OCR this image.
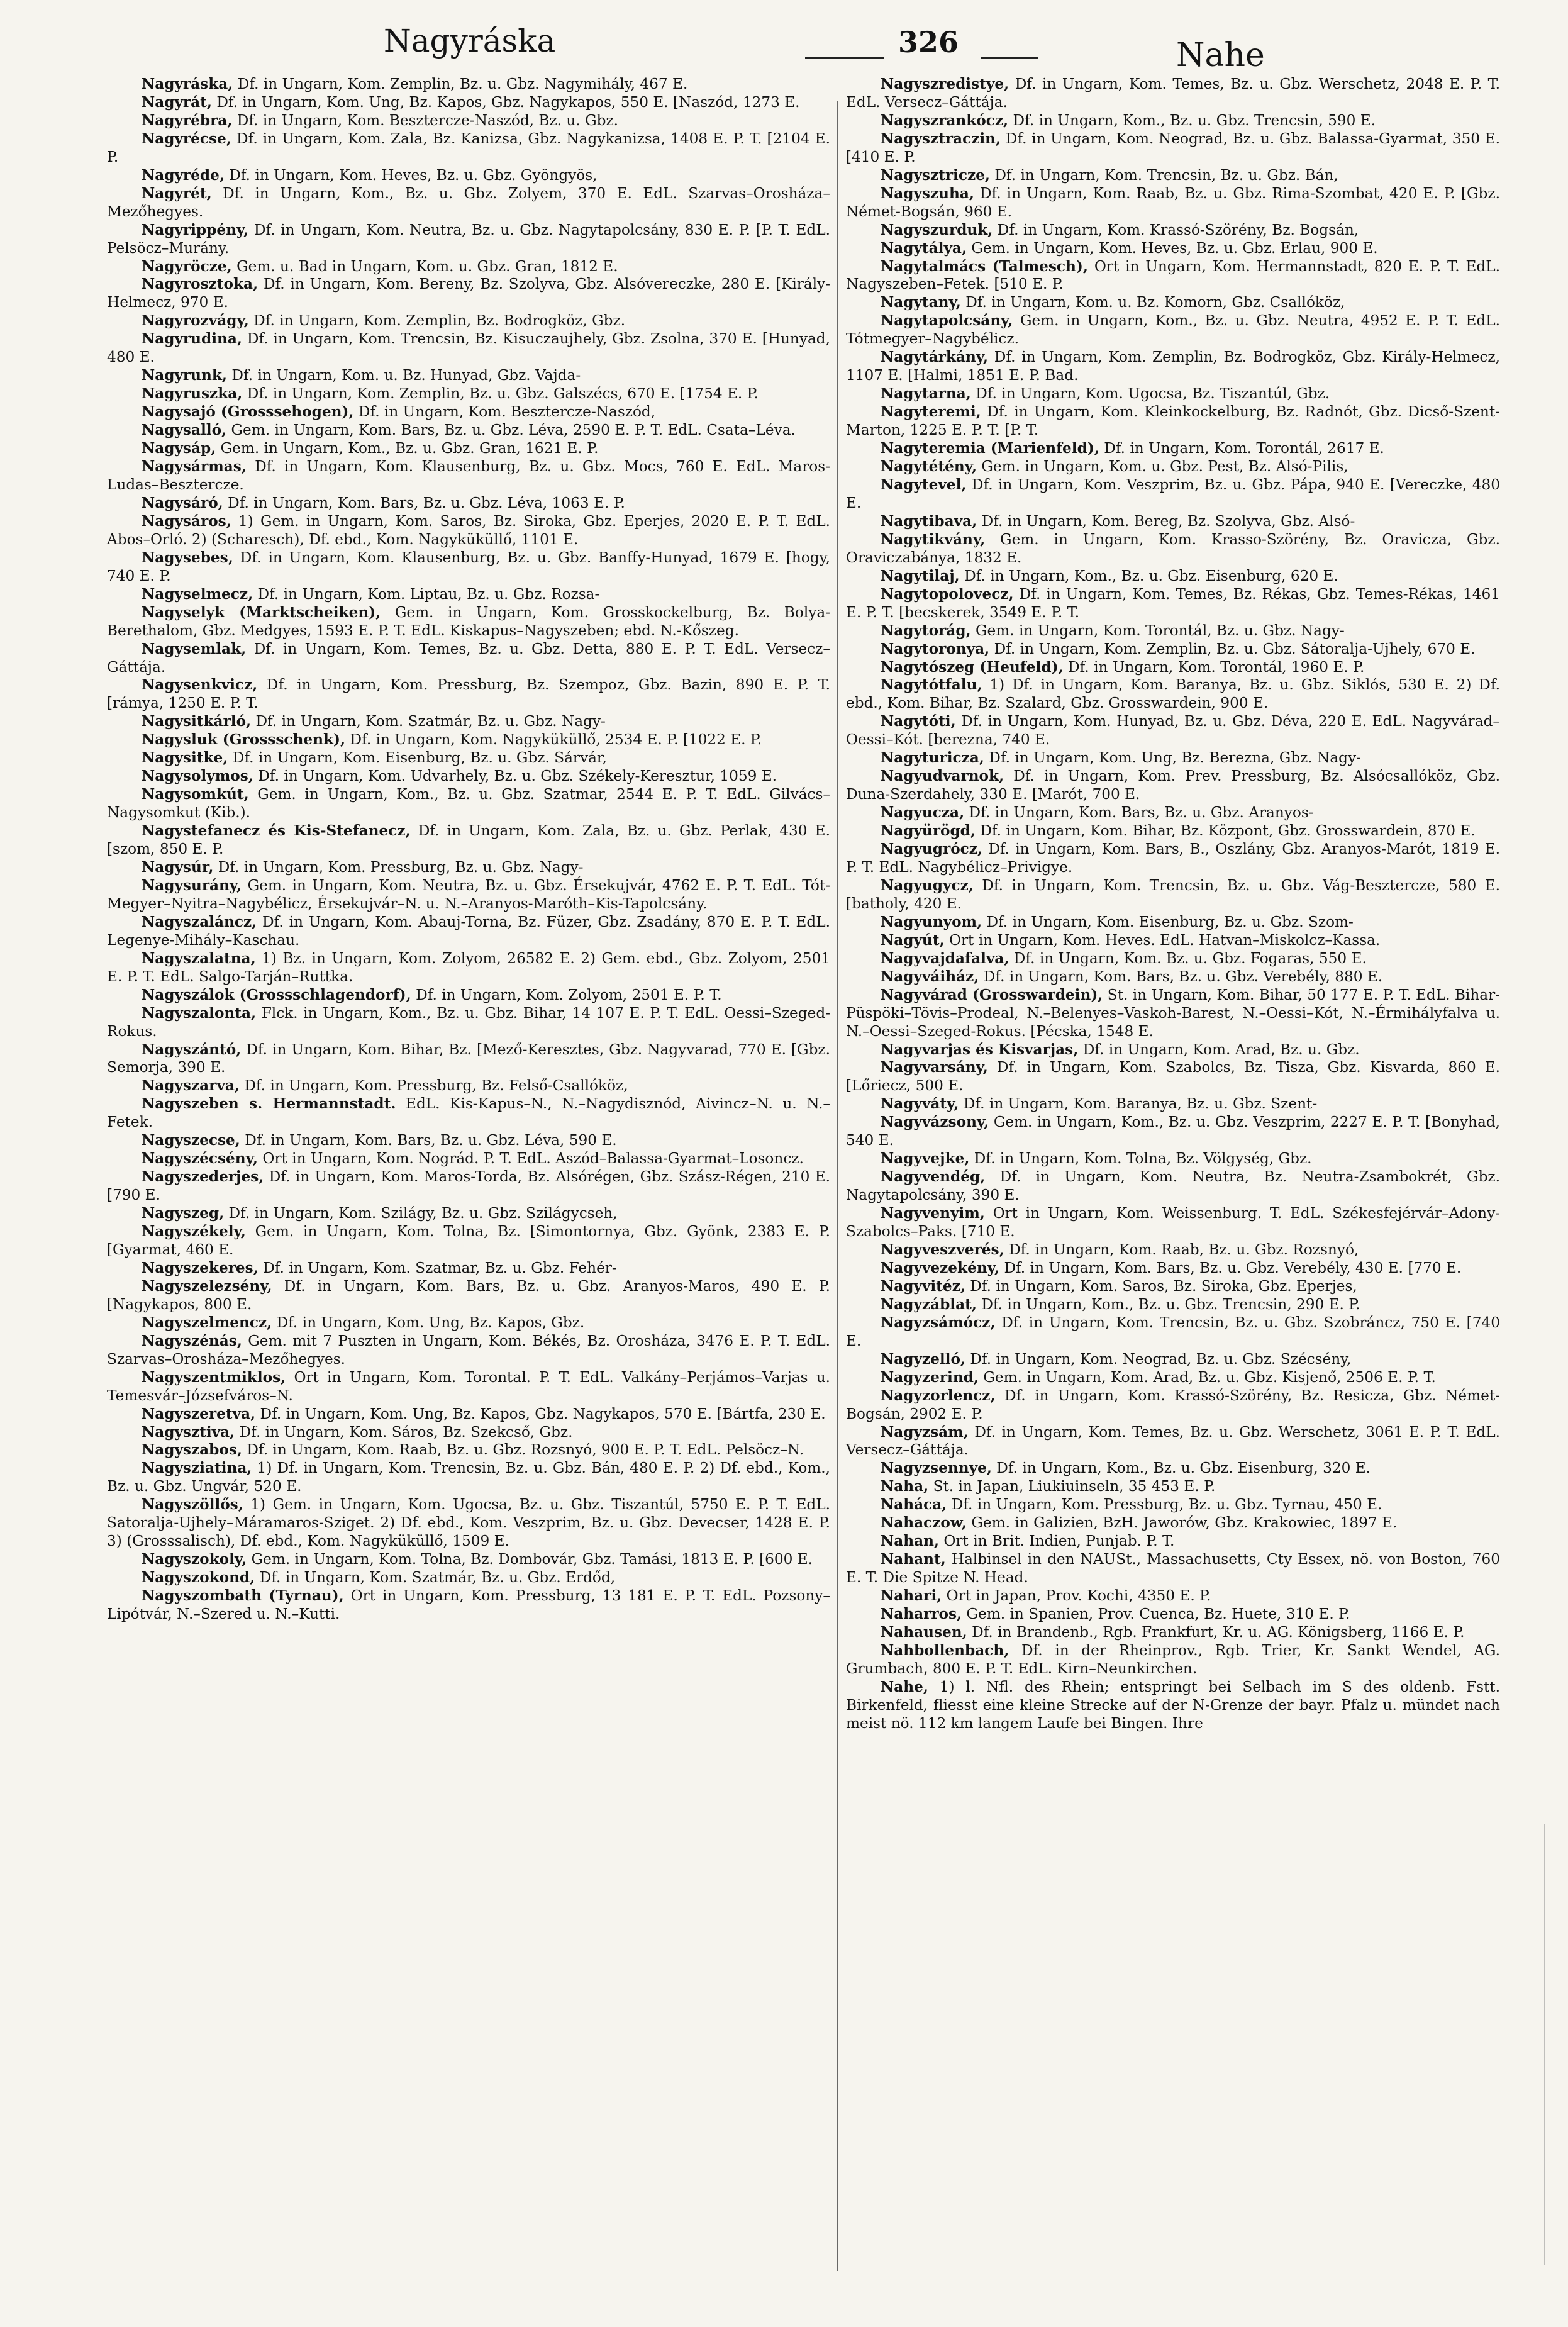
Nagyráska	326	Nahe

Nagyráska, Df. in Ungarn, Kom. Zemplin, Bz. u. Gbz. Nagymihály, 467 E.

Nagyrát, Df. in Ungarn, Kom. Ung, Bz. Kapos, Gbz. Nagykapos, 550 E. [Naszód, 1273 E.

Nagyrébra, Df. in Ungarn, Kom. Besztercze-Naszód, Bz. u. Gbz.

Nagyrécse, Df. in Ungarn, Kom. Zala, Bz. Kanizsa, Gbz. Nagykanizsa, 1408 E. P. T. [2104 E. P.

Nagyréde, Df. in Ungarn, Kom. Heves, Bz. u. Gbz. Gyöngyös,

Nagyrét, Df. in Ungarn, Kom., Bz. u. Gbz. Zolyem, 370 E. EdL. Szarvas–Orosháza–Mezőhegyes.

Nagyrippény, Df. in Ungarn, Kom. Neutra, Bz. u. Gbz. Nagytapolcsány, 830 E. P. [P. T. EdL. Pelsöcz–Murány.

Nagyröcze, Gem. u. Bad in Ungarn, Kom. u. Gbz. Gran, 1812 E.

Nagyrosztoka, Df. in Ungarn, Kom. Bereny, Bz. Szolyva, Gbz. Alsóvereczke, 280 E. [Király-Helmecz, 970 E.

Nagyrozvágy, Df. in Ungarn, Kom. Zemplin, Bz. Bodrogköz, Gbz.

Nagyrudina, Df. in Ungarn, Kom. Trencsin, Bz. Kisuczaujhely, Gbz. Zsolna, 370 E. [Hunyad, 480 E.

Nagyrunk, Df. in Ungarn, Kom. u. Bz. Hunyad, Gbz. Vajda-

Nagyruszka, Df. in Ungarn, Kom. Zemplin, Bz. u. Gbz. Galszécs, 670 E. [1754 E. P.

Nagysajó (Grosssehogen), Df. in Ungarn, Kom. Besztercze-Naszód,

Nagysalló, Gem. in Ungarn, Kom. Bars, Bz. u. Gbz. Léva, 2590 E. P. T. EdL. Csata–Léva.

Nagysáp, Gem. in Ungarn, Kom., Bz. u. Gbz. Gran, 1621 E. P.

Nagysármas, Df. in Ungarn, Kom. Klausenburg, Bz. u. Gbz. Mocs, 760 E. EdL. Maros-Ludas–Besztercze.

Nagysáró, Df. in Ungarn, Kom. Bars, Bz. u. Gbz. Léva, 1063 E. P.

Nagysáros, 1) Gem. in Ungarn, Kom. Saros, Bz. Siroka, Gbz. Eperjes, 2020 E. P. T. EdL. Abos–Orló. 2) (Scharesch), Df. ebd., Kom. Nagyküküllő, 1101 E.

Nagysebes, Df. in Ungarn, Kom. Klausenburg, Bz. u. Gbz. Banffy-Hunyad, 1679 E. [hogy, 740 E. P.

Nagyselmecz, Df. in Ungarn, Kom. Liptau, Bz. u. Gbz. Rozsa-

Nagyselyk (Marktscheiken), Gem. in Ungarn, Kom. Grosskockelburg, Bz. Bolya-Berethalom, Gbz. Medgyes, 1593 E. P. T. EdL. Kiskapus–Nagyszeben; ebd. N.-Kőszeg.

Nagysemlak, Df. in Ungarn, Kom. Temes, Bz. u. Gbz. Detta, 880 E. P. T. EdL. Versecz–Gáttája.

Nagysenkvicz, Df. in Ungarn, Kom. Pressburg, Bz. Szempoz, Gbz. Bazin, 890 E. P. T. [rámya, 1250 E. P. T.

Nagysitkárló, Df. in Ungarn, Kom. Szatmár, Bz. u. Gbz. Nagy-

Nagysluk (Grossschenk), Df. in Ungarn, Kom. Nagyküküllő, 2534 E. P. [1022 E. P.

Nagysitke, Df. in Ungarn, Kom. Eisenburg, Bz. u. Gbz. Sárvár,

Nagysolymos, Df. in Ungarn, Kom. Udvarhely, Bz. u. Gbz. Székely-Keresztur, 1059 E.

Nagysomkút, Gem. in Ungarn, Kom., Bz. u. Gbz. Szatmar, 2544 E. P. T. EdL. Gilvács–Nagysomkut (Kib.).

Nagystefanecz és Kis-Stefanecz, Df. in Ungarn, Kom. Zala, Bz. u. Gbz. Perlak, 430 E. [szom, 850 E. P.

Nagysúr, Df. in Ungarn, Kom. Pressburg, Bz. u. Gbz. Nagy-

Nagysurány, Gem. in Ungarn, Kom. Neutra, Bz. u. Gbz. Érsekujvár, 4762 E. P. T. EdL. Tót-Megyer–Nyitra–Nagybélicz, Érsekujvár–N. u. N.–Aranyos-Maróth–Kis-Tapolcsány.

Nagyszaláncz, Df. in Ungarn, Kom. Abauj-Torna, Bz. Füzer, Gbz. Zsadány, 870 E. P. T. EdL. Legenye-Mihály–Kaschau.

Nagyszalatna, 1) Bz. in Ungarn, Kom. Zolyom, 26582 E. 2) Gem. ebd., Gbz. Zolyom, 2501 E. P. T. EdL. Salgo-Tarján–Ruttka.

Nagyszálok (Grossschlagendorf), Df. in Ungarn, Kom. Zolyom, 2501 E. P. T.

Nagyszalonta, Flck. in Ungarn, Kom., Bz. u. Gbz. Bihar, 14 107 E. P. T. EdL. Oessi–Szeged-Rokus.

Nagyszántó, Df. in Ungarn, Kom. Bihar, Bz. [Mező-Keresztes, Gbz. Nagyvarad, 770 E. [Gbz. Semorja, 390 E.

Nagyszarva, Df. in Ungarn, Kom. Pressburg, Bz. Felső-Csallóköz,

Nagyszeben s. Hermannstadt. EdL. Kis-Kapus–N., N.–Nagydisznód, Aivincz–N. u. N.–Fetek.

Nagyszecse, Df. in Ungarn, Kom. Bars, Bz. u. Gbz. Léva, 590 E.

Nagyszécsény, Ort in Ungarn, Kom. Nográd. P. T. EdL. Aszód–Balassa-Gyarmat–Losoncz.

Nagyszederjes, Df. in Ungarn, Kom. Maros-Torda, Bz. Alsórégen, Gbz. Szász-Régen, 210 E. [790 E.

Nagyszeg, Df. in Ungarn, Kom. Szilágy, Bz. u. Gbz. Szilágycseh,

Nagyszékely, Gem. in Ungarn, Kom. Tolna, Bz. [Simontornya, Gbz. Gyönk, 2383 E. P. [Gyarmat, 460 E.

Nagyszekeres, Df. in Ungarn, Kom. Szatmar, Bz. u. Gbz. Fehér-

Nagyszelezsény, Df. in Ungarn, Kom. Bars, Bz. u. Gbz. Aranyos-Maros, 490 E. P. [Nagykapos, 800 E.

Nagyszelmencz, Df. in Ungarn, Kom. Ung, Bz. Kapos, Gbz.

Nagyszénás, Gem. mit 7 Puszten in Ungarn, Kom. Békés, Bz. Orosháza, 3476 E. P. T. EdL. Szarvas–Orosháza–Mezőhegyes.

Nagyszentmiklos, Ort in Ungarn, Kom. Torontal. P. T. EdL. Valkány–Perjámos–Varjas u. Temesvár–Józsefváros–N.

Nagyszeretva, Df. in Ungarn, Kom. Ung, Bz. Kapos, Gbz. Nagykapos, 570 E. [Bártfa, 230 E.

Nagysztiva, Df. in Ungarn, Kom. Sáros, Bz. Szekcső, Gbz.

Nagyszabos, Df. in Ungarn, Kom. Raab, Bz. u. Gbz. Rozsnyó, 900 E. P. T. EdL. Pelsöcz–N.

Nagysziatina, 1) Df. in Ungarn, Kom. Trencsin, Bz. u. Gbz. Bán, 480 E. P. 2) Df. ebd., Kom., Bz. u. Gbz. Ungvár, 520 E.

Nagyszöllős, 1) Gem. in Ungarn, Kom. Ugocsa, Bz. u. Gbz. Tiszantúl, 5750 E. P. T. EdL. Satoralja-Ujhely–Máramaros-Sziget. 2) Df. ebd., Kom. Veszprim, Bz. u. Gbz. Devecser, 1428 E. P. 3) (Grosssalisch), Df. ebd., Kom. Nagyküküllő, 1509 E.

Nagyszokoly, Gem. in Ungarn, Kom. Tolna, Bz. Dombovár, Gbz. Tamási, 1813 E. P. [600 E.

Nagyszokond, Df. in Ungarn, Kom. Szatmár, Bz. u. Gbz. Erdőd,

Nagyszombath (Tyrnau), Ort in Ungarn, Kom. Pressburg, 13 181 E. P. T. EdL. Pozsony–Lipótvár, N.–Szered u. N.–Kutti.

Nagyszredistye, Df. in Ungarn, Kom. Temes, Bz. u. Gbz. Werschetz, 2048 E. P. T. EdL. Versecz–Gáttája.

Nagyszrankócz, Df. in Ungarn, Kom., Bz. u. Gbz. Trencsin, 590 E.

Nagysztraczin, Df. in Ungarn, Kom. Neograd, Bz. u. Gbz. Balassa-Gyarmat, 350 E. [410 E. P.

Nagysztricze, Df. in Ungarn, Kom. Trencsin, Bz. u. Gbz. Bán,

Nagyszuha, Df. in Ungarn, Kom. Raab, Bz. u. Gbz. Rima-Szombat, 420 E. P. [Gbz. Német-Bogsán, 960 E.

Nagyszurduk, Df. in Ungarn, Kom. Krassó-Szörény, Bz. Bogsán,

Nagytálya, Gem. in Ungarn, Kom. Heves, Bz. u. Gbz. Erlau, 900 E.

Nagytalmács (Talmesch), Ort in Ungarn, Kom. Hermannstadt, 820 E. P. T. EdL. Nagyszeben–Fetek. [510 E. P.

Nagytany, Df. in Ungarn, Kom. u. Bz. Komorn, Gbz. Csallóköz,

Nagytapolcsány, Gem. in Ungarn, Kom., Bz. u. Gbz. Neutra, 4952 E. P. T. EdL. Tótmegyer–Nagybélicz.

Nagytárkány, Df. in Ungarn, Kom. Zemplin, Bz. Bodrogköz, Gbz. Király-Helmecz, 1107 E. [Halmi, 1851 E. P. Bad.

Nagytarna, Df. in Ungarn, Kom. Ugocsa, Bz. Tiszantúl, Gbz.

Nagyteremi, Df. in Ungarn, Kom. Kleinkockelburg, Bz. Radnót, Gbz. Dicső-Szent-Marton, 1225 E. P. T. [P. T.

Nagyteremia (Marienfeld), Df. in Ungarn, Kom. Torontál, 2617 E.

Nagytétény, Gem. in Ungarn, Kom. u. Gbz. Pest, Bz. Alsó-Pilis,

Nagytevel, Df. in Ungarn, Kom. Veszprim, Bz. u. Gbz. Pápa, 940 E. [Vereczke, 480 E.

Nagytibava, Df. in Ungarn, Kom. Bereg, Bz. Szolyva, Gbz. Alsó-

Nagytikvány, Gem. in Ungarn, Kom. Krasso-Szörény, Bz. Oravicza, Gbz. Oraviczabánya, 1832 E.

Nagytilaj, Df. in Ungarn, Kom., Bz. u. Gbz. Eisenburg, 620 E.

Nagytopolovecz, Df. in Ungarn, Kom. Temes, Bz. Rékas, Gbz. Temes-Rékas, 1461 E. P. T. [becskerek, 3549 E. P. T.

Nagytorág, Gem. in Ungarn, Kom. Torontál, Bz. u. Gbz. Nagy-

Nagytoronya, Df. in Ungarn, Kom. Zemplin, Bz. u. Gbz. Sátoralja-Ujhely, 670 E.

Nagytószeg (Heufeld), Df. in Ungarn, Kom. Torontál, 1960 E. P.

Nagytótfalu, 1) Df. in Ungarn, Kom. Baranya, Bz. u. Gbz. Siklós, 530 E. 2) Df. ebd., Kom. Bihar, Bz. Szalard, Gbz. Grosswardein, 900 E.

Nagytóti, Df. in Ungarn, Kom. Hunyad, Bz. u. Gbz. Déva, 220 E. EdL. Nagyvárad–Oessi–Kót. [berezna, 740 E.

Nagyturicza, Df. in Ungarn, Kom. Ung, Bz. Berezna, Gbz. Nagy-

Nagyudvarnok, Df. in Ungarn, Kom. Prev. Pressburg, Bz. Alsócsallóköz, Gbz. Duna-Szerdahely, 330 E. [Marót, 700 E.

Nagyucza, Df. in Ungarn, Kom. Bars, Bz. u. Gbz. Aranyos-

Nagyürögd, Df. in Ungarn, Kom. Bihar, Bz. Központ, Gbz. Grosswardein, 870 E.

Nagyugrócz, Df. in Ungarn, Kom. Bars, B., Oszlány, Gbz. Aranyos-Marót, 1819 E. P. T. EdL. Nagybélicz–Privigye.

Nagyugycz, Df. in Ungarn, Kom. Trencsin, Bz. u. Gbz. Vág-Besztercze, 580 E. [batholy, 420 E.

Nagyunyom, Df. in Ungarn, Kom. Eisenburg, Bz. u. Gbz. Szom-

Nagyút, Ort in Ungarn, Kom. Heves. EdL. Hatvan–Miskolcz–Kassa.

Nagyvajdafalva, Df. in Ungarn, Kom. Bz. u. Gbz. Fogaras, 550 E.

Nagyváiház, Df. in Ungarn, Kom. Bars, Bz. u. Gbz. Verebély, 880 E.

Nagyvárad (Grosswardein), St. in Ungarn, Kom. Bihar, 50 177 E. P. T. EdL. Bihar-Püspöki–Tövis–Prodeal, N.–Belenyes–Vaskoh-Barest, N.–Oessi–Kót, N.–Érmihályfalva u. N.–Oessi–Szeged-Rokus. [Pécska, 1548 E.

Nagyvarjas és Kisvarjas, Df. in Ungarn, Kom. Arad, Bz. u. Gbz.

Nagyvarsány, Df. in Ungarn, Kom. Szabolcs, Bz. Tisza, Gbz. Kisvarda, 860 E. [Lőriecz, 500 E.

Nagyváty, Df. in Ungarn, Kom. Baranya, Bz. u. Gbz. Szent-

Nagyvázsony, Gem. in Ungarn, Kom., Bz. u. Gbz. Veszprim, 2227 E. P. T. [Bonyhad, 540 E.

Nagyvejke, Df. in Ungarn, Kom. Tolna, Bz. Völgység, Gbz.

Nagyvendég, Df. in Ungarn, Kom. Neutra, Bz. Neutra-Zsambokrét, Gbz. Nagytapolcsány, 390 E.

Nagyvenyim, Ort in Ungarn, Kom. Weissenburg. T. EdL. Székesfejérvár–Adony-Szabolcs–Paks. [710 E.

Nagyveszverés, Df. in Ungarn, Kom. Raab, Bz. u. Gbz. Rozsnyó,

Nagyvezekény, Df. in Ungarn, Kom. Bars, Bz. u. Gbz. Verebély, 430 E. [770 E.

Nagyvitéz, Df. in Ungarn, Kom. Saros, Bz. Siroka, Gbz. Eperjes,

Nagyzáblat, Df. in Ungarn, Kom., Bz. u. Gbz. Trencsin, 290 E. P.

Nagyzsámócz, Df. in Ungarn, Kom. Trencsin, Bz. u. Gbz. Szobráncz, 750 E. [740 E.

Nagyzelló, Df. in Ungarn, Kom. Neograd, Bz. u. Gbz. Szécsény,

Nagyzerind, Gem. in Ungarn, Kom. Arad, Bz. u. Gbz. Kisjenő, 2506 E. P. T.

Nagyzorlencz, Df. in Ungarn, Kom. Krassó-Szörény, Bz. Resicza, Gbz. Német-Bogsán, 2902 E. P.

Nagyzsám, Df. in Ungarn, Kom. Temes, Bz. u. Gbz. Werschetz, 3061 E. P. T. EdL. Versecz–Gáttája.

Nagyzsennye, Df. in Ungarn, Kom., Bz. u. Gbz. Eisenburg, 320 E.

Naha, St. in Japan, Liukiuinseln, 35 453 E. P.

Naháca, Df. in Ungarn, Kom. Pressburg, Bz. u. Gbz. Tyrnau, 450 E.

Nahaczow, Gem. in Galizien, BzH. Jaworów, Gbz. Krakowiec, 1897 E.

Nahan, Ort in Brit. Indien, Punjab. P. T.

Nahant, Halbinsel in den NAUSt., Massachusetts, Cty Essex, nö. von Boston, 760 E. T. Die Spitze N. Head.

Nahari, Ort in Japan, Prov. Kochi, 4350 E. P.

Naharros, Gem. in Spanien, Prov. Cuenca, Bz. Huete, 310 E. P.

Nahausen, Df. in Brandenb., Rgb. Frankfurt, Kr. u. AG. Königsberg, 1166 E. P.

Nahbollenbach, Df. in der Rheinprov., Rgb. Trier, Kr. Sankt Wendel, AG. Grumbach, 800 E. P. T. EdL. Kirn–Neunkirchen.

Nahe, 1) l. Nfl. des Rhein; entspringt bei Selbach im S des oldenb. Fstt. Birkenfeld, fliesst eine kleine Strecke auf der N-Grenze der bayr. Pfalz u. mündet nach meist nö. 112 km langem Laufe bei Bingen. Ihre
